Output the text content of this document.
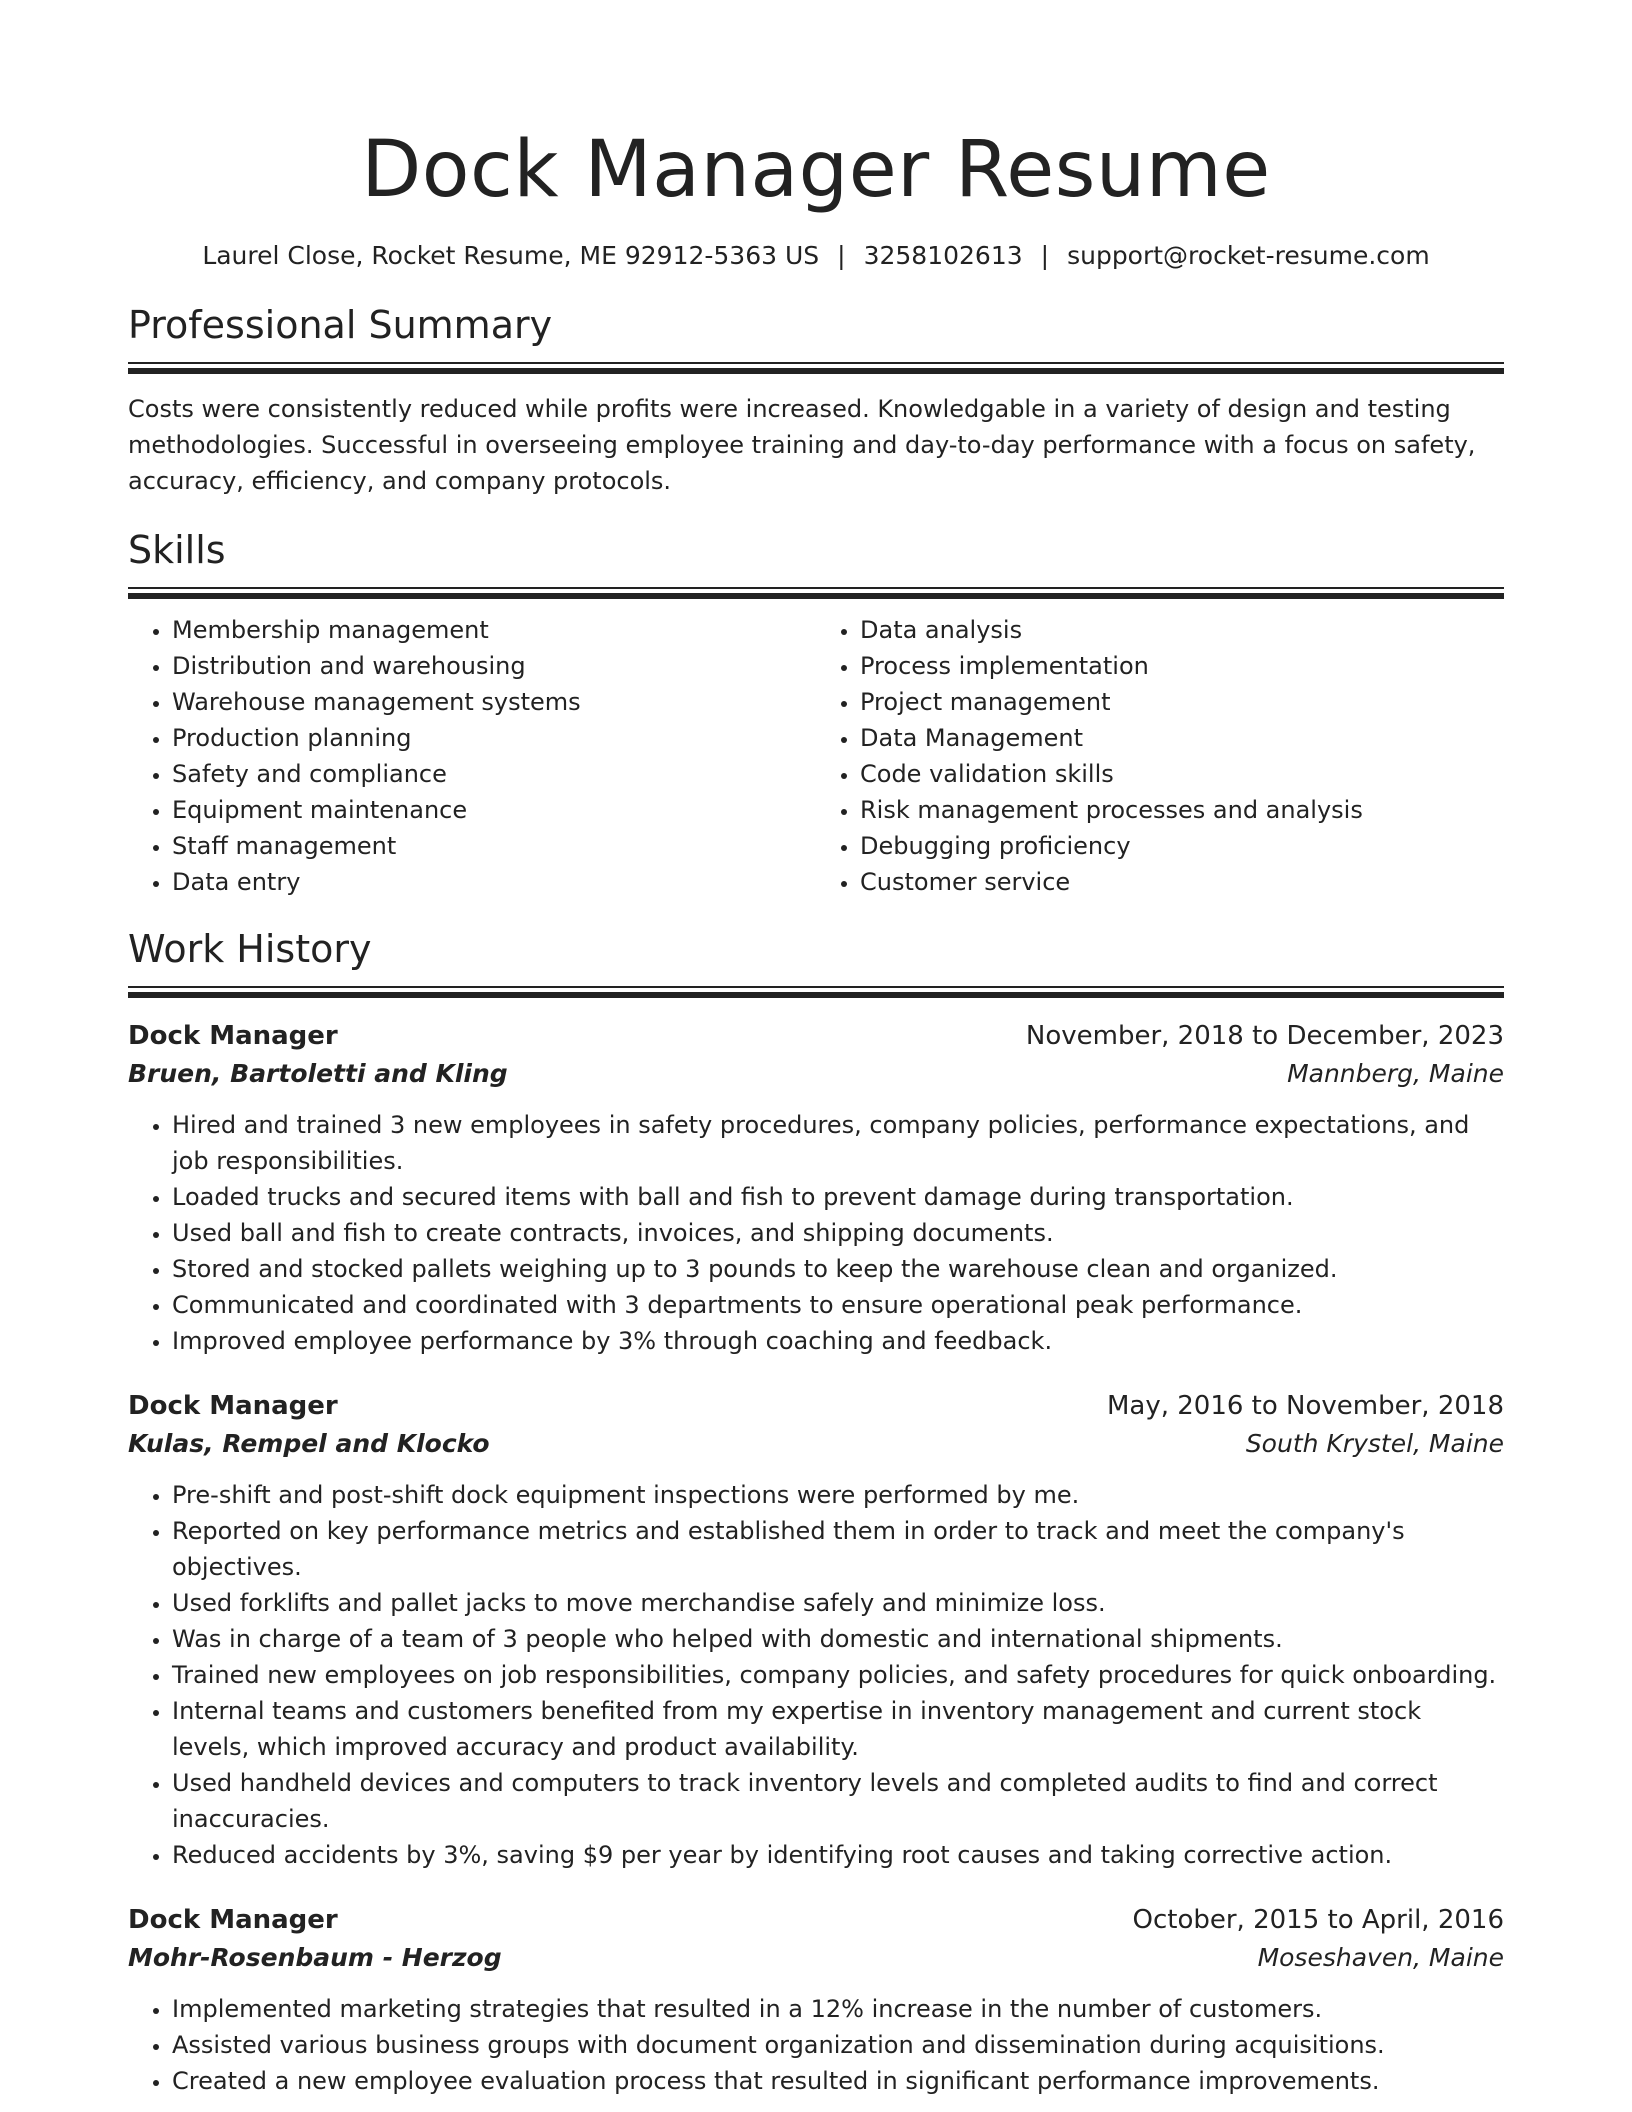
Dock Manager Resume
Laurel Close, Rocket Resume, ME 92912-5363 US | 3258102613 | support@rocket-resume.com
Professional Summary

Costs were consistently reduced while profits were increased. Knowledgable in a variety of design and testing methodologies. Successful in overseeing employee training and day-to-day performance with a focus on safety, accuracy, efficiency, and company protocols.

Skills
• Membership management
• Distribution and warehousing
• Warehouse management systems
• Production planning
• Safety and compliance
• Equipment maintenance
• Staff management
• Data entry
• Data analysis
• Process implementation
• Project management
• Data Management
• Code validation skills
• Risk management processes and analysis
• Debugging proficiency
• Customer service
Work History
Dock Manager	November, 2018 to December, 2023
Bruen, Bartoletti and Kling	Mannberg, Maine
• Hired and trained 3 new employees in safety procedures, company policies, performance expectations, and job responsibilities.
• Loaded trucks and secured items with ball and fish to prevent damage during transportation.
• Used ball and fish to create contracts, invoices, and shipping documents.
• Stored and stocked pallets weighing up to 3 pounds to keep the warehouse clean and organized.
• Communicated and coordinated with 3 departments to ensure operational peak performance.
• Improved employee performance by 3% through coaching and feedback.
Dock Manager	May, 2016 to November, 2018
Kulas, Rempel and Klocko	South Krystel, Maine
• Pre-shift and post-shift dock equipment inspections were performed by me.
• Reported on key performance metrics and established them in order to track and meet the company's objectives.
• Used forklifts and pallet jacks to move merchandise safely and minimize loss.
• Was in charge of a team of 3 people who helped with domestic and international shipments.
• Trained new employees on job responsibilities, company policies, and safety procedures for quick onboarding.
• Internal teams and customers benefited from my expertise in inventory management and current stock levels, which improved accuracy and product availability.
• Used handheld devices and computers to track inventory levels and completed audits to find and correct inaccuracies.
• Reduced accidents by 3%, saving $9 per year by identifying root causes and taking corrective action.
Dock Manager	October, 2015 to April, 2016
Mohr-Rosenbaum - Herzog	Moseshaven, Maine
• Implemented marketing strategies that resulted in a 12% increase in the number of customers.
• Assisted various business groups with document organization and dissemination during acquisitions.
• Created a new employee evaluation process that resulted in significant performance improvements.
